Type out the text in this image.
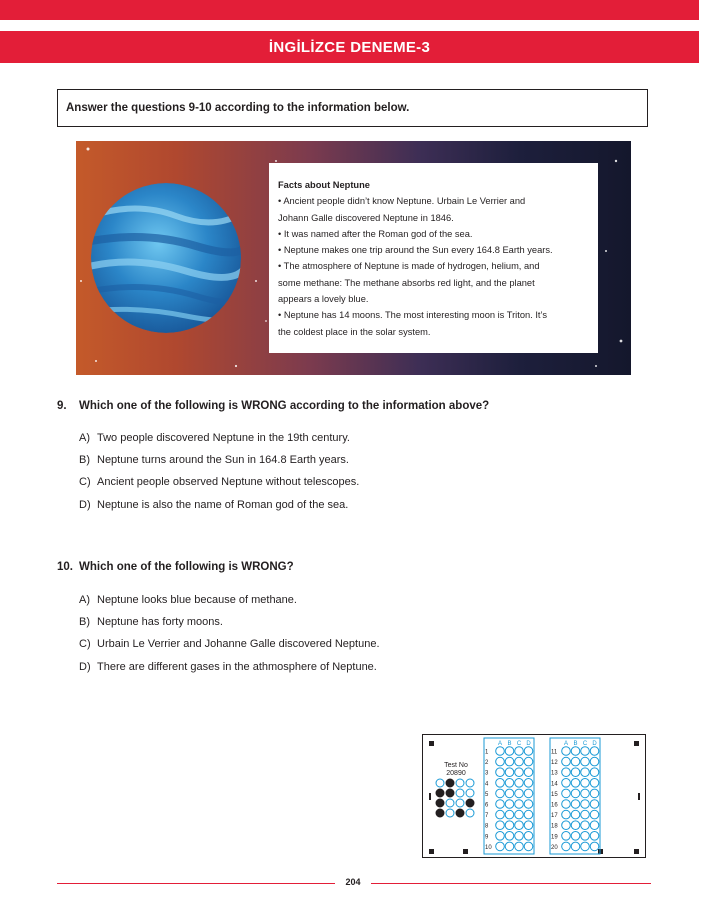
İNGİLİZCE DENEME-3
Answer the questions 9-10 according to the information below.
Facts about Neptune
• Ancient people didn’t know Neptune. Urbain Le Verrier and
Johann Galle discovered Neptune in 1846.
• It was named after the Roman god of the sea.
• Neptune makes one trip around the Sun every 164.8 Earth years.
• The atmosphere of Neptune is made of hydrogen, helium, and
some methane: The methane absorbs red light, and the planet
appears a lovely blue.
• Neptune has 14 moons. The most interesting moon is Triton. It’s
the coldest place in the solar system.
9. Which one of the following is WRONG according to the information above?
A) Two people discovered Neptune in the 19th century.
B) Neptune turns around the Sun in 164.8 Earth years.
C) Ancient people observed Neptune without telescopes.
D) Neptune is also the name of Roman god of the sea.
10. Which one of the following is WRONG?
A) Neptune looks blue because of methane.
B) Neptune has forty moons.
C) Urbain Le Verrier and Johanne Galle discovered Neptune.
D) There are different gases in the athmosphere of Neptune.
Test No
20890
A B C D
1
2
3
4
5
6
7
8
9
10
A B C D
11
12
13
14
15
16
17
18
19
20
204
